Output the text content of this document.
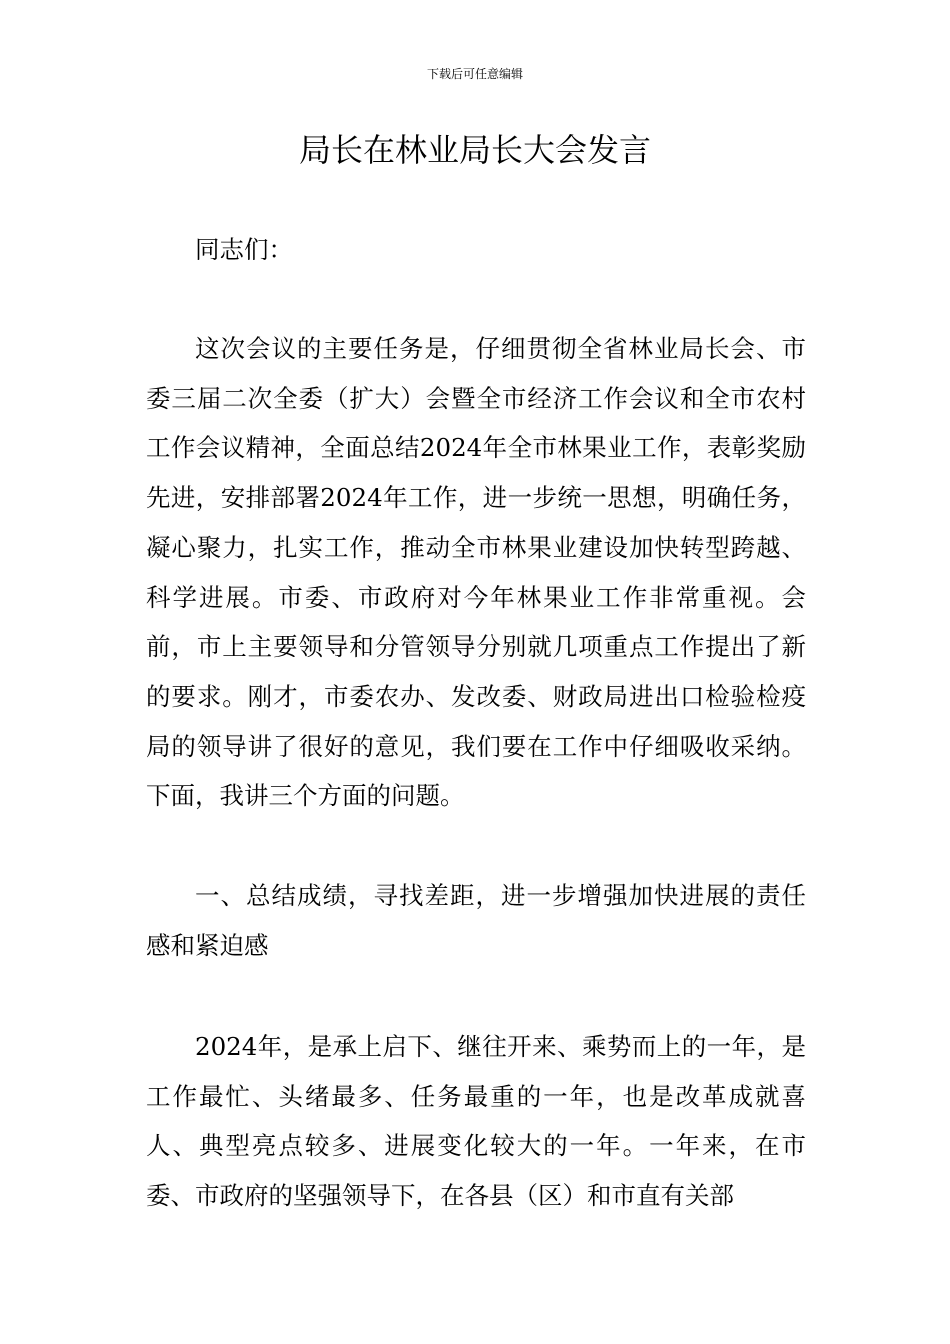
下载后可任意编辑
局长在林业局长大会发言

同志们：

这次会议的主要任务是，仔细贯彻全省林业局长会、市委三届二次全委（扩大）会暨全市经济工作会议和全市农村工作会议精神，全面总结2024年全市林果业工作，表彰奖励先进，安排部署2024年工作，进一步统一思想，明确任务，凝心聚力，扎实工作，推动全市林果业建设加快转型跨越、科学进展。市委、市政府对今年林果业工作非常重视。会前，市上主要领导和分管领导分别就几项重点工作提出了新的要求。刚才，市委农办、发改委、财政局进出口检验检疫局的领导讲了很好的意见，我们要在工作中仔细吸收采纳。下面，我讲三个方面的问题。

一、总结成绩，寻找差距，进一步增强加快进展的责任感和紧迫感

2024年，是承上启下、继往开来、乘势而上的一年，是工作最忙、头绪最多、任务最重的一年，也是改革成就喜人、典型亮点较多、进展变化较大的一年。一年来，在市委、市政府的坚强领导下，在各县（区）和市直有关部
